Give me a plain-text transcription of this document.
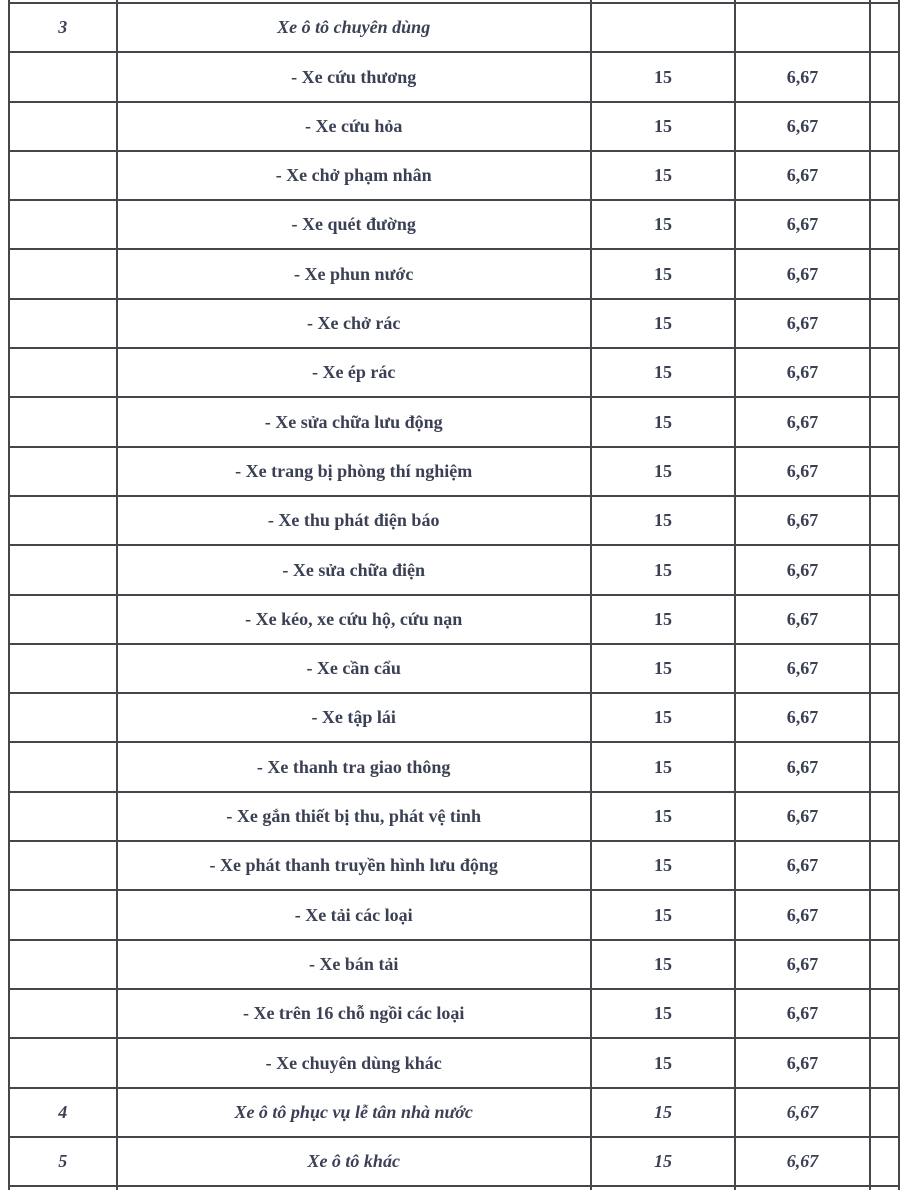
3	Xe ô tô chuyên dùng			
	- Xe cứu thương	15	6,67	
	- Xe cứu hỏa	15	6,67	
	- Xe chở phạm nhân	15	6,67	
	- Xe quét đường	15	6,67	
	- Xe phun nước	15	6,67	
	- Xe chở rác	15	6,67	
	- Xe ép rác	15	6,67	
	- Xe sửa chữa lưu động	15	6,67	
	- Xe trang bị phòng thí nghiệm	15	6,67	
	- Xe thu phát điện báo	15	6,67	
	- Xe sửa chữa điện	15	6,67	
	- Xe kéo, xe cứu hộ, cứu nạn	15	6,67	
	- Xe cần cẩu	15	6,67	
	- Xe tập lái	15	6,67	
	- Xe thanh tra giao thông	15	6,67	
	- Xe gắn thiết bị thu, phát vệ tinh	15	6,67	
	- Xe phát thanh truyền hình lưu động	15	6,67	
	- Xe tải các loại	15	6,67	
	- Xe bán tải	15	6,67	
	- Xe trên 16 chỗ ngồi các loại	15	6,67	
	- Xe chuyên dùng khác	15	6,67	
4	Xe ô tô phục vụ lễ tân nhà nước	15	6,67	
5	Xe ô tô khác	15	6,67	
